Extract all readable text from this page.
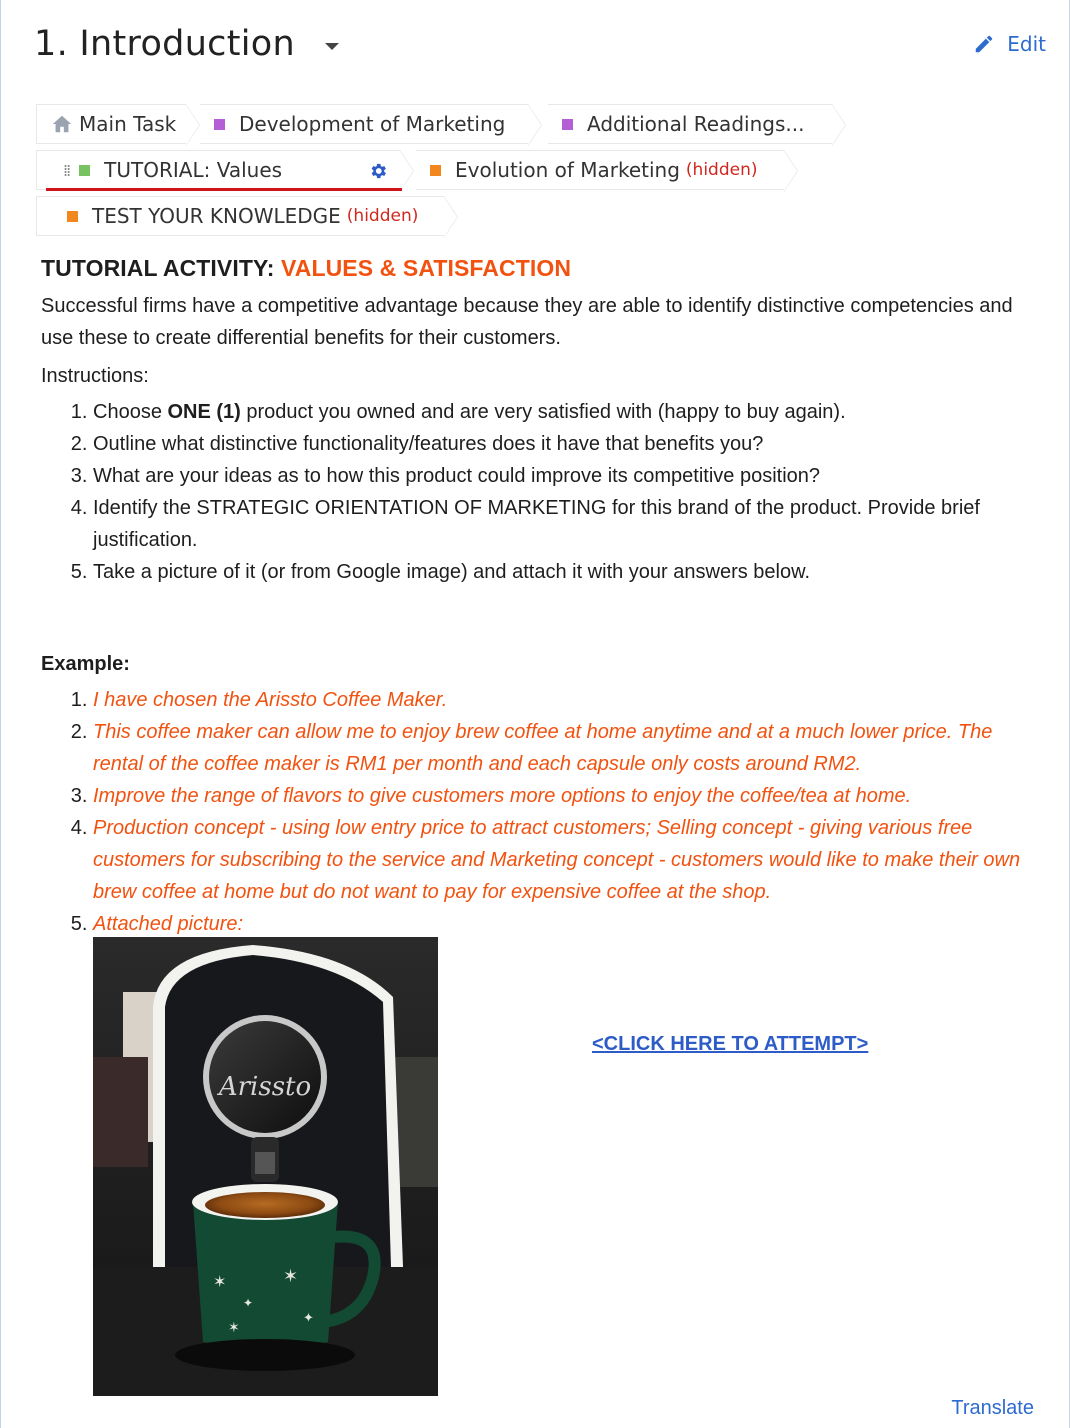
1. Introduction	Edit
Main Task	Development of Marketing	Additional Readings...
⁞⁞ TUTORIAL: Values	Evolution of Marketing (hidden)
TEST YOUR KNOWLEDGE (hidden)
TUTORIAL ACTIVITY: VALUES & SATISFACTION

Successful firms have a competitive advantage because they are able to identify distinctive competencies and use these to create differential benefits for their customers.

Instructions:

1. Choose ONE (1) product you owned and are very satisfied with (happy to buy again).
2. Outline what distinctive functionality/features does it have that benefits you?
3. What are your ideas as to how this product could improve its competitive position?
4. Identify the STRATEGIC ORIENTATION OF MARKETING for this brand of the product. Provide brief justification.
5. Take a picture of it (or from Google image) and attach it with your answers below.

Example:

1. I have chosen the Arissto Coffee Maker.
2. This coffee maker can allow me to enjoy brew coffee at home anytime and at a much lower price. The rental of the coffee maker is RM1 per month and each capsule only costs around RM2.
3. Improve the range of flavors to give customers more options to enjoy the coffee/tea at home.
4. Production concept - using low entry price to attract customers; Selling concept - giving various free customers for subscribing to the service and Marketing concept - customers would like to make their own brew coffee at home but do not want to pay for expensive coffee at the shop.
5. Attached picture:
Arissto
✶
✦
✶
✦
✶
<CLICK HERE TO ATTEMPT>
Translate
